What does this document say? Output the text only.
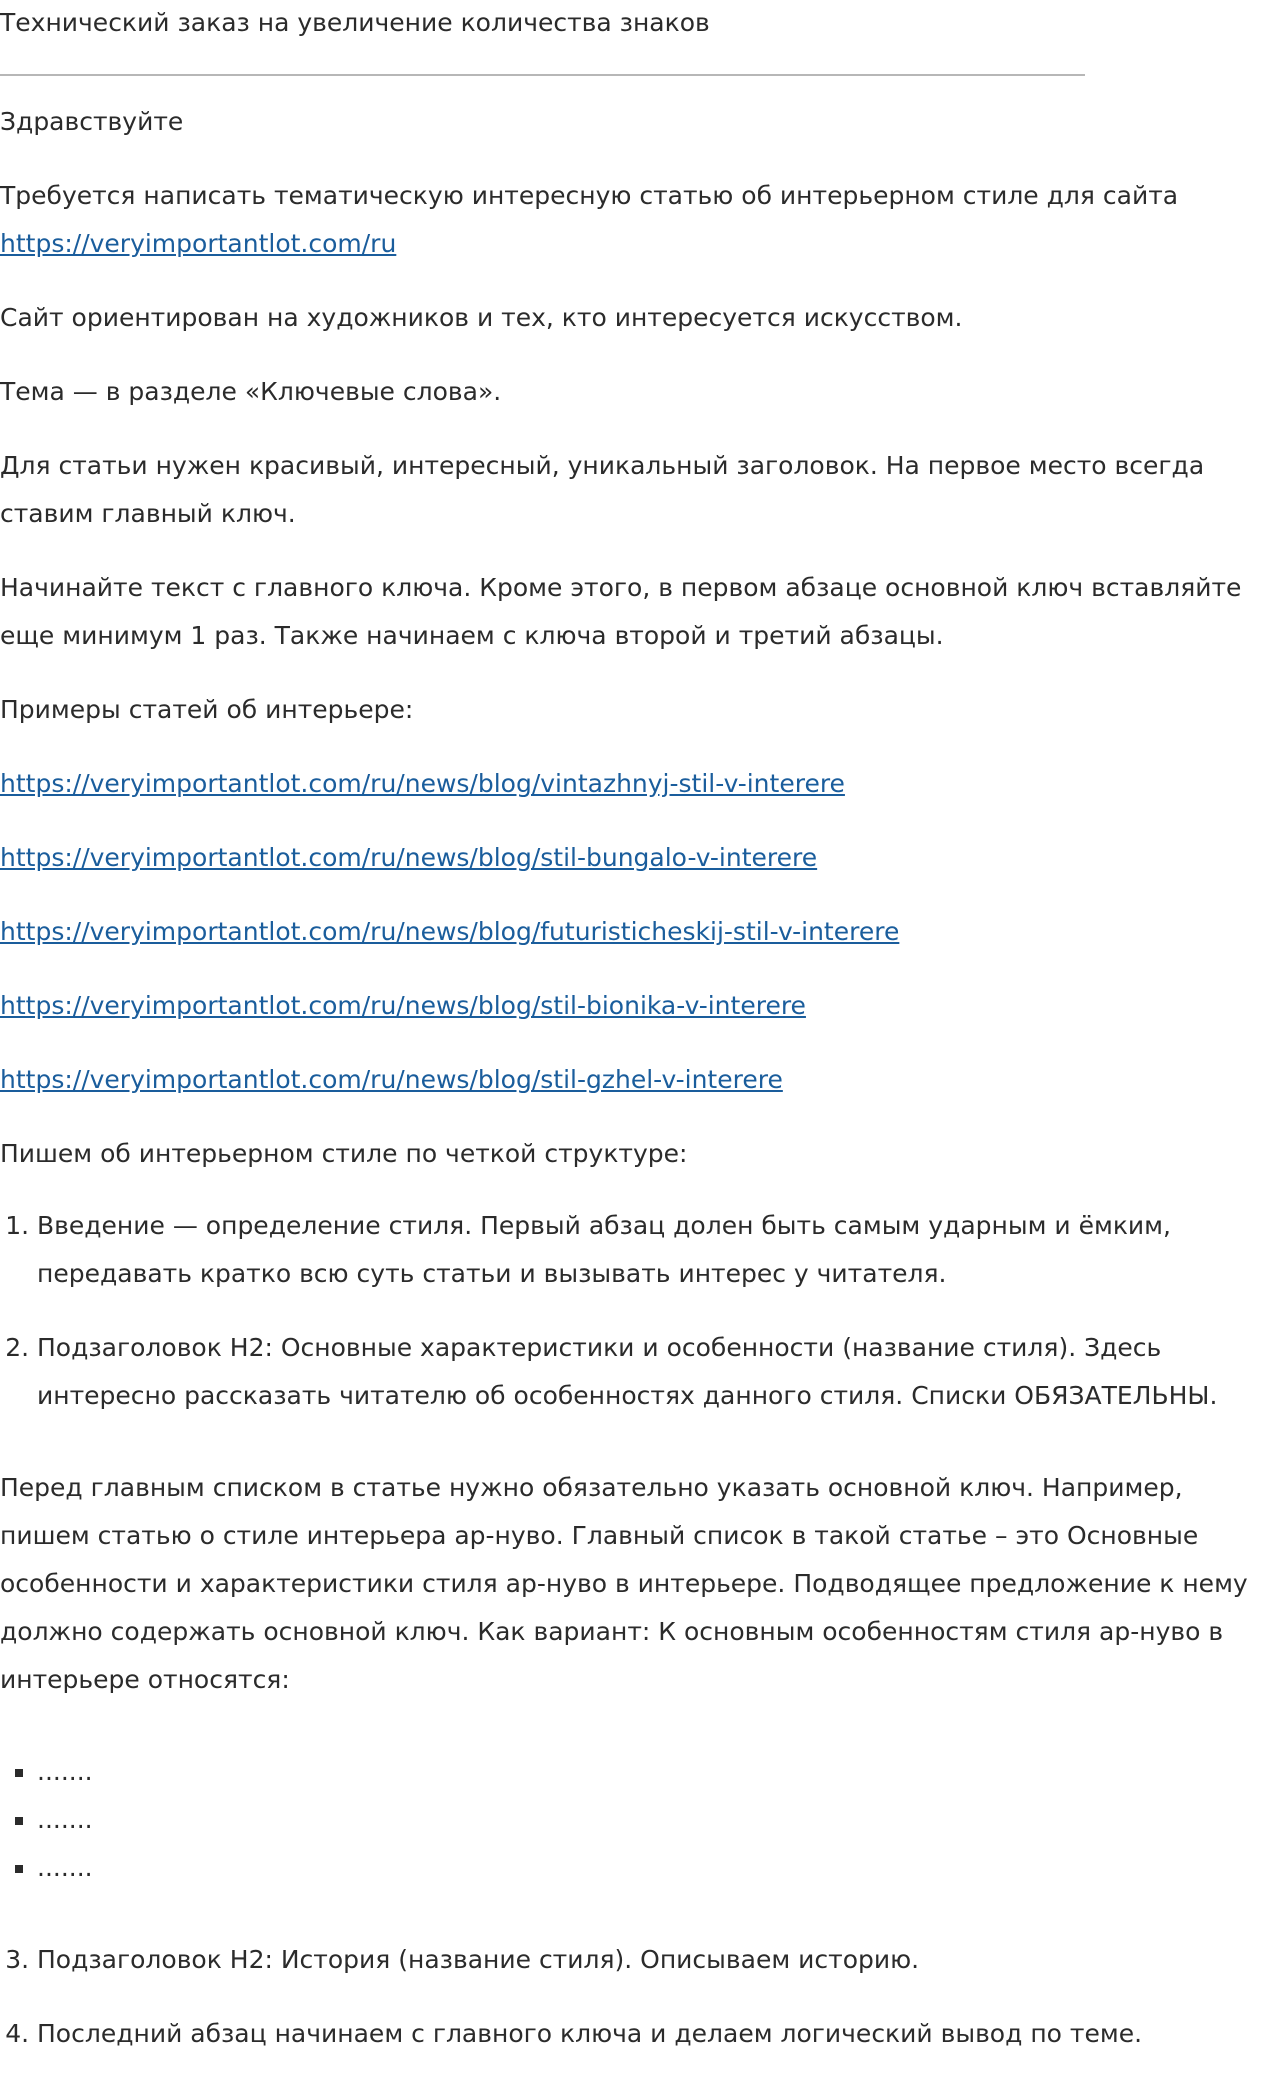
Технический заказ на увеличение количества знаков

Здравствуйте

Требуется написать тематическую интересную статью об интерьерном стиле для сайта https://veryimportantlot.com/ru

Сайт ориентирован на художников и тех, кто интересуется искусством.

Тема — в разделе «Ключевые слова».

Для статьи нужен красивый, интересный, уникальный заголовок. На первое место всегда ставим главный ключ.

Начинайте текст с главного ключа. Кроме этого, в первом абзаце основной ключ вставляйте еще минимум 1 раз. Также начинаем с ключа второй и третий абзацы.

Примеры статей об интерьере:

https://veryimportantlot.com/ru/news/blog/vintazhnyj-stil-v-interere

https://veryimportantlot.com/ru/news/blog/stil-bungalo-v-interere

https://veryimportantlot.com/ru/news/blog/futuristicheskij-stil-v-interere

https://veryimportantlot.com/ru/news/blog/stil-bionika-v-interere

https://veryimportantlot.com/ru/news/blog/stil-gzhel-v-interere

Пишем об интерьерном стиле по четкой структуре:

1. Введение — определение стиля. Первый абзац долен быть самым ударным и ёмким, передавать кратко всю суть статьи и вызывать интерес у читателя.
2. Подзаголовок H2: Основные характеристики и особенности (название стиля). Здесь интересно рассказать читателю об особенностях данного стиля. Списки ОБЯЗАТЕЛЬНЫ.

Перед главным списком в статье нужно обязательно указать основной ключ. Например, пишем статью о стиле интерьера ар-нуво. Главный список в такой статье – это Основные особенности и характеристики стиля ар-нуво в интерьере. Подводящее предложение к нему должно содержать основной ключ. Как вариант: К основным особенностям стиля ар-нуво в интерьере относятся:

▪ .......
▪ .......
▪ .......
3. Подзаголовок H2: История (название стиля). Описываем историю.
4. Последний абзац начинаем с главного ключа и делаем логический вывод по теме.
